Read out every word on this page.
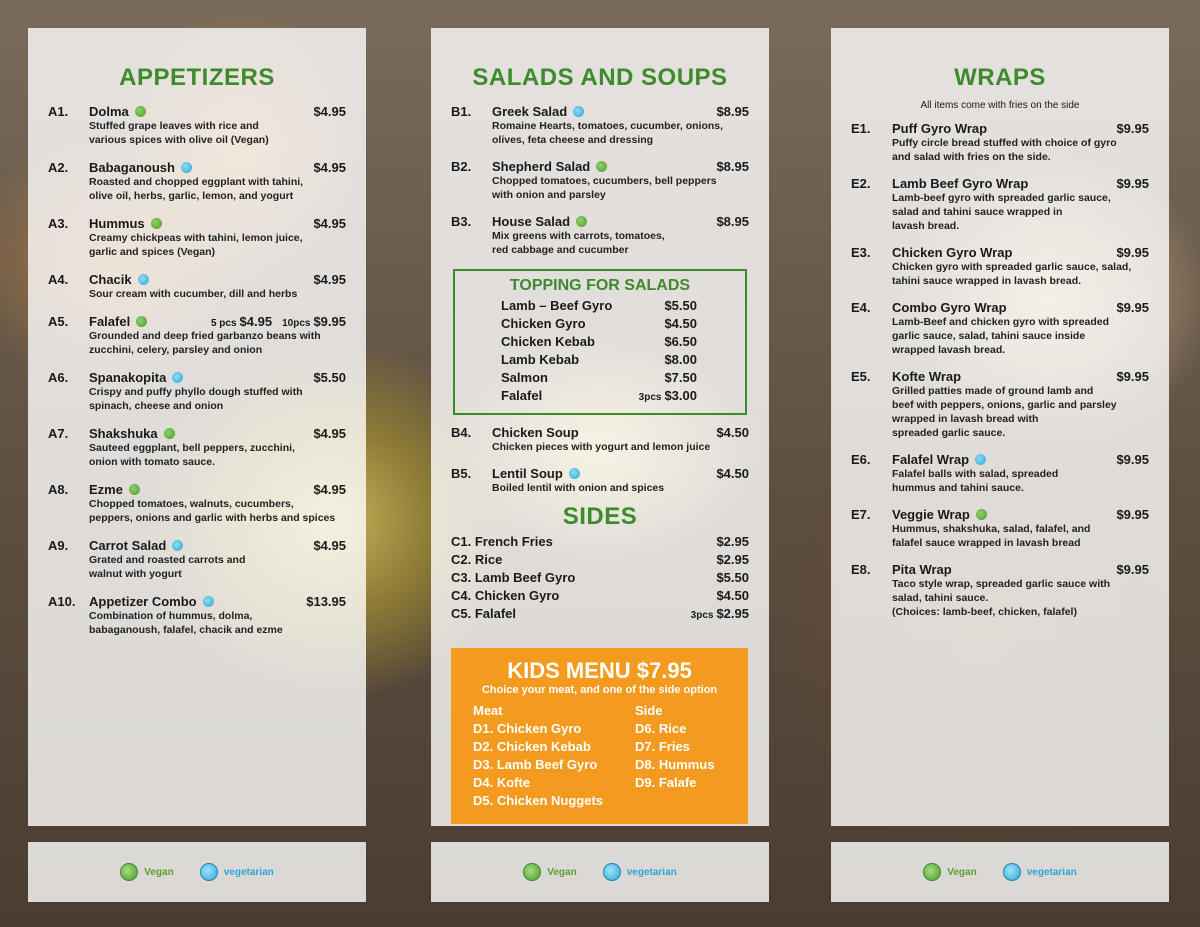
APPETIZERS
A1. Dolma	$4.95
Stuffed grape leaves with rice and
various spices with olive oil (Vegan)
A2. Babaganoush	$4.95
Roasted and chopped eggplant with tahini,
olive oil, herbs, garlic, lemon, and yogurt
A3. Hummus	$4.95
Creamy chickpeas with tahini, lemon juice,
garlic and spices (Vegan)
A4. Chacik	$4.95
Sour cream with cucumber, dill and herbs
A5. Falafel	5 pcs $4.95 10pcs $9.95
Grounded and deep fried garbanzo beans with
zucchini, celery, parsley and onion
A6. Spanakopita	$5.50
Crispy and puffy phyllo dough stuffed with
spinach, cheese and onion
A7. Shakshuka	$4.95
Sauteed eggplant, bell peppers, zucchini,
onion with tomato sauce.
A8. Ezme	$4.95
Chopped tomatoes, walnuts, cucumbers,
peppers, onions and garlic with herbs and spices
A9. Carrot Salad	$4.95
Grated and roasted carrots and
walnut with yogurt
A10. Appetizer Combo	$13.95
Combination of hummus, dolma,
babaganoush, falafel, chacik and ezme
Vegan	vegetarian
SALADS AND SOUPS
B1. Greek Salad	$8.95
Romaine Hearts, tomatoes, cucumber, onions,
olives, feta cheese and dressing
B2. Shepherd Salad	$8.95
Chopped tomatoes, cucumbers, bell peppers
with onion and parsley
B3. House Salad	$8.95
Mix greens with carrots, tomatoes,
red cabbage and cucumber
TOPPING FOR SALADS
Lamb – Beef Gyro	$5.50
Chicken Gyro	$4.50
Chicken Kebab	$6.50
Lamb Kebab	$8.00
Salmon	$7.50
Falafel	3pcs $3.00
B4. Chicken Soup	$4.50
Chicken pieces with yogurt and lemon juice
B5. Lentil Soup	$4.50
Boiled lentil with onion and spices
SIDES
C1. French Fries	$2.95
C2. Rice	$2.95
C3. Lamb Beef Gyro	$5.50
C4. Chicken Gyro	$4.50
C5. Falafel	3pcs $2.95
KIDS MENU $7.95
Choice your meat, and one of the side option
Meat
D1. Chicken Gyro
D2. Chicken Kebab
D3. Lamb Beef Gyro
D4. Kofte
D5. Chicken Nuggets
Side
D6. Rice
D7. Fries
D8. Hummus
D9. Falafe
Vegan	vegetarian
WRAPS
All items come with fries on the side
E1. Puff Gyro Wrap	$9.95
Puffy circle bread stuffed with choice of gyro
and salad with fries on the side.
E2. Lamb Beef Gyro Wrap	$9.95
Lamb-beef gyro with spreaded garlic sauce,
salad and tahini sauce wrapped in
lavash bread.
E3. Chicken Gyro Wrap	$9.95
Chicken gyro with spreaded garlic sauce, salad,
tahini sauce wrapped in lavash bread.
E4. Combo Gyro Wrap	$9.95
Lamb-Beef and chicken gyro with spreaded
garlic sauce, salad, tahini sauce inside
wrapped lavash bread.
E5. Kofte Wrap	$9.95
Grilled patties made of ground lamb and
beef with peppers, onions, garlic and parsley
wrapped in lavash bread with
spreaded garlic sauce.
E6. Falafel Wrap	$9.95
Falafel balls with salad, spreaded
hummus and tahini sauce.
E7. Veggie Wrap	$9.95
Hummus, shakshuka, salad, falafel, and
falafel sauce wrapped in lavash bread
E8. Pita Wrap	$9.95
Taco style wrap, spreaded garlic sauce with
salad, tahini sauce.
(Choices: lamb-beef, chicken, falafel)
Vegan	vegetarian
